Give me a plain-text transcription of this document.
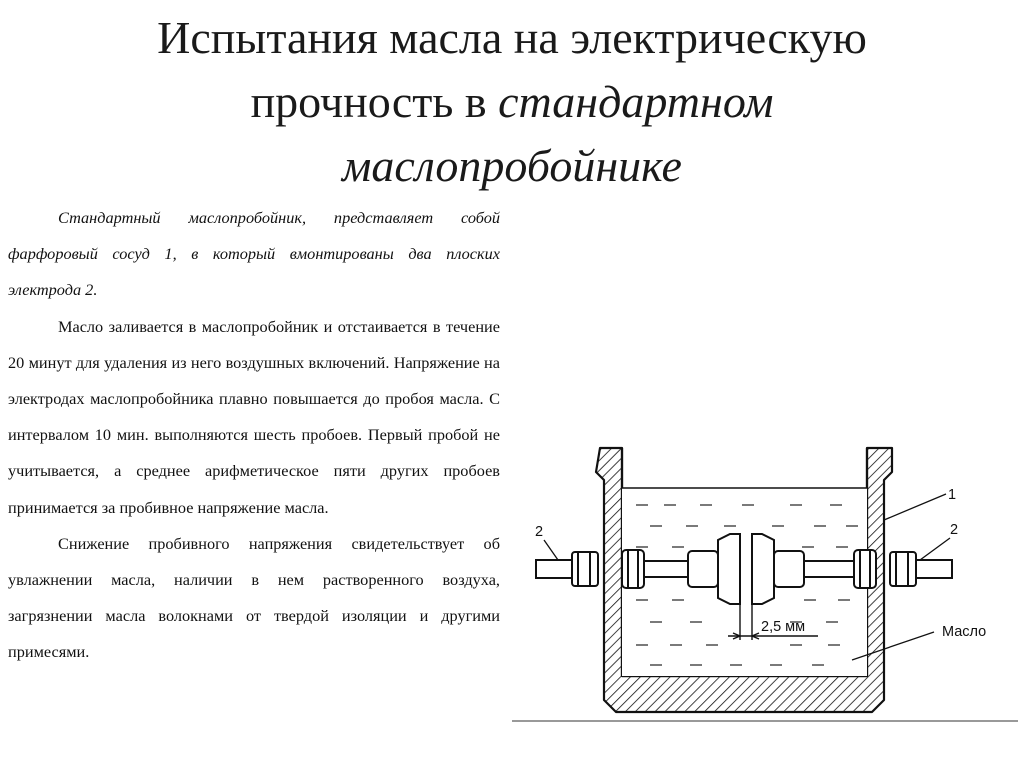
Испытания масла на электрическую
прочность в стандартном
маслопробойнике

Стандартный маслопробойник, представляет собой фарфоровый сосуд 1, в который вмонтированы два плоских электрода 2.

Масло заливается в маслопробойник и отстаивается в течение 20 минут для удаления из него воздушных включений. Напряжение на электродах маслопробойника плавно повышается до пробоя масла. С интервалом 10 мин. выполняются шесть пробоев. Первый пробой не учитывается, а среднее арифметическое пяти других пробоев принимается за пробивное напряжение масла.

Снижение пробивного напряжения свидетельствует об увлажнении масла, наличии в нем растворенного воздуха, загрязнении масла волокнами от твердой изоляции и другими примесями.

2,5 мм
1
2
2
Масло
